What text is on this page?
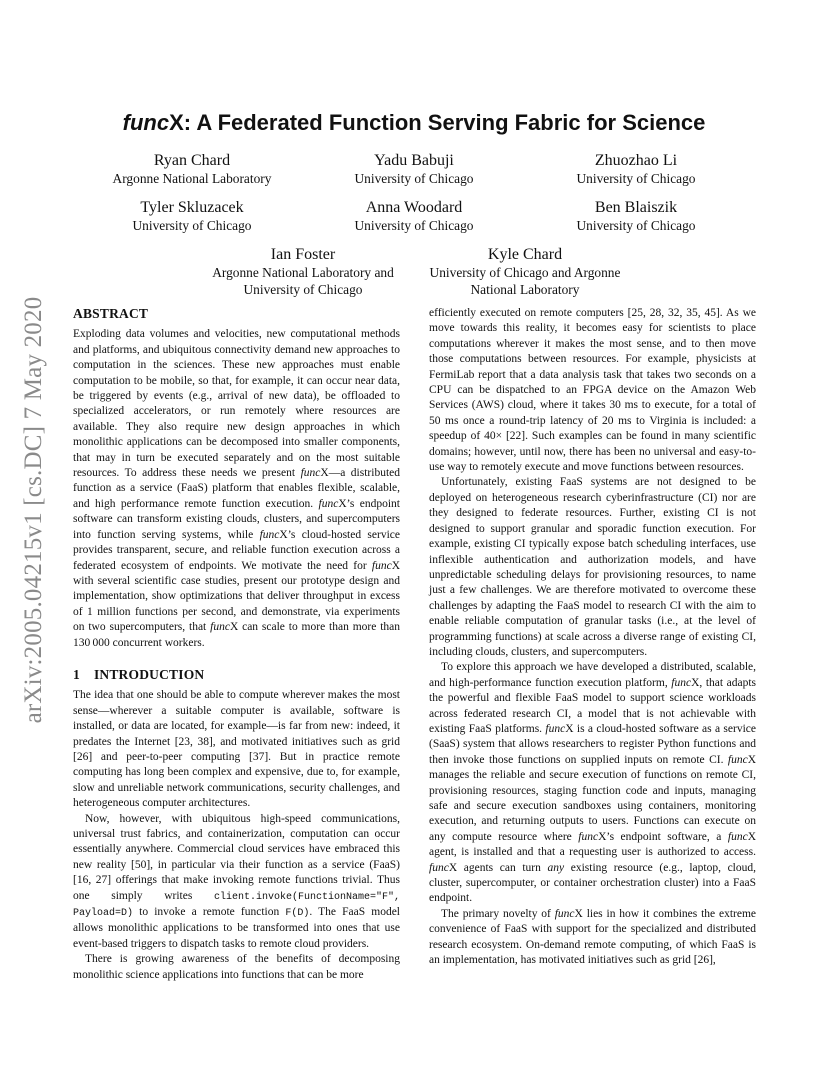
arXiv:2005.04215v1 [cs.DC] 7 May 2020
funcX: A Federated Function Serving Fabric for Science
Ryan Chard
Argonne National Laboratory
Yadu Babuji
University of Chicago
Zhuozhao Li
University of Chicago
Tyler Skluzacek
University of Chicago
Anna Woodard
University of Chicago
Ben Blaiszik
University of Chicago
Ian Foster
Argonne National Laboratory and
University of Chicago
Kyle Chard
University of Chicago and Argonne
National Laboratory
ABSTRACT

Exploding data volumes and velocities, new computational methods and platforms, and ubiquitous connectivity demand new approaches to computation in the sciences. These new approaches must enable computation to be mobile, so that, for example, it can occur near data, be triggered by events (e.g., arrival of new data), be offloaded to specialized accelerators, or run remotely where resources are available. They also require new design approaches in which monolithic applications can be decomposed into smaller components, that may in turn be executed separately and on the most suitable resources. To address these needs we present funcX—a distributed function as a service (FaaS) platform that enables flexible, scalable, and high performance remote function execution. funcX’s endpoint software can transform existing clouds, clusters, and supercomputers into function serving systems, while funcX’s cloud-hosted service provides transparent, secure, and reliable function execution across a federated ecosystem of endpoints. We motivate the need for funcX with several scientific case studies, present our prototype design and implementation, show optimizations that deliver throughput in excess of 1 million functions per second, and demonstrate, via experiments on two supercomputers, that funcX can scale to more than more than 130 000 concurrent workers.

1 INTRODUCTION

The idea that one should be able to compute wherever makes the most sense—wherever a suitable computer is available, software is installed, or data are located, for example—is far from new: indeed, it predates the Internet [23, 38], and motivated initiatives such as grid [26] and peer-to-peer computing [37]. But in practice remote computing has long been complex and expensive, due to, for example, slow and unreliable network communications, security challenges, and heterogeneous computer architectures.

Now, however, with ubiquitous high-speed communications, universal trust fabrics, and containerization, computation can occur essentially anywhere. Commercial cloud services have embraced this new reality [50], in particular via their function as a service (FaaS) [16, 27] offerings that make invoking remote functions trivial. Thus one simply writes client.invoke(FunctionName="F", Payload=D) to invoke a remote function F(D). The FaaS model allows monolithic applications to be transformed into ones that use event-based triggers to dispatch tasks to remote cloud providers.

There is growing awareness of the benefits of decomposing monolithic science applications into functions that can be more

efficiently executed on remote computers [25, 28, 32, 35, 45]. As we move towards this reality, it becomes easy for scientists to place computations wherever it makes the most sense, and to then move those computations between resources. For example, physicists at FermiLab report that a data analysis task that takes two seconds on a CPU can be dispatched to an FPGA device on the Amazon Web Services (AWS) cloud, where it takes 30 ms to execute, for a total of 50 ms once a round-trip latency of 20 ms to Virginia is included: a speedup of 40× [22]. Such examples can be found in many scientific domains; however, until now, there has been no universal and easy-to-use way to remotely execute and move functions between resources.

Unfortunately, existing FaaS systems are not designed to be deployed on heterogeneous research cyberinfrastructure (CI) nor are they designed to federate resources. Further, existing CI is not designed to support granular and sporadic function execution. For example, existing CI typically expose batch scheduling interfaces, use inflexible authentication and authorization models, and have unpredictable scheduling delays for provisioning resources, to name just a few challenges. We are therefore motivated to overcome these challenges by adapting the FaaS model to research CI with the aim to enable reliable computation of granular tasks (i.e., at the level of programming functions) at scale across a diverse range of existing CI, including clouds, clusters, and supercomputers.

To explore this approach we have developed a distributed, scalable, and high-performance function execution platform, funcX, that adapts the powerful and flexible FaaS model to support science workloads across federated research CI, a model that is not achievable with existing FaaS platforms. funcX is a cloud-hosted software as a service (SaaS) system that allows researchers to register Python functions and then invoke those functions on supplied inputs on remote CI. funcX manages the reliable and secure execution of functions on remote CI, provisioning resources, staging function code and inputs, managing safe and secure execution sandboxes using containers, monitoring execution, and returning outputs to users. Functions can execute on any compute resource where funcX’s endpoint software, a funcX agent, is installed and that a requesting user is authorized to access. funcX agents can turn any existing resource (e.g., laptop, cloud, cluster, supercomputer, or container orchestration cluster) into a FaaS endpoint.

The primary novelty of funcX lies in how it combines the extreme convenience of FaaS with support for the specialized and distributed research ecosystem. On-demand remote computing, of which FaaS is an implementation, has motivated initiatives such as grid [26],
